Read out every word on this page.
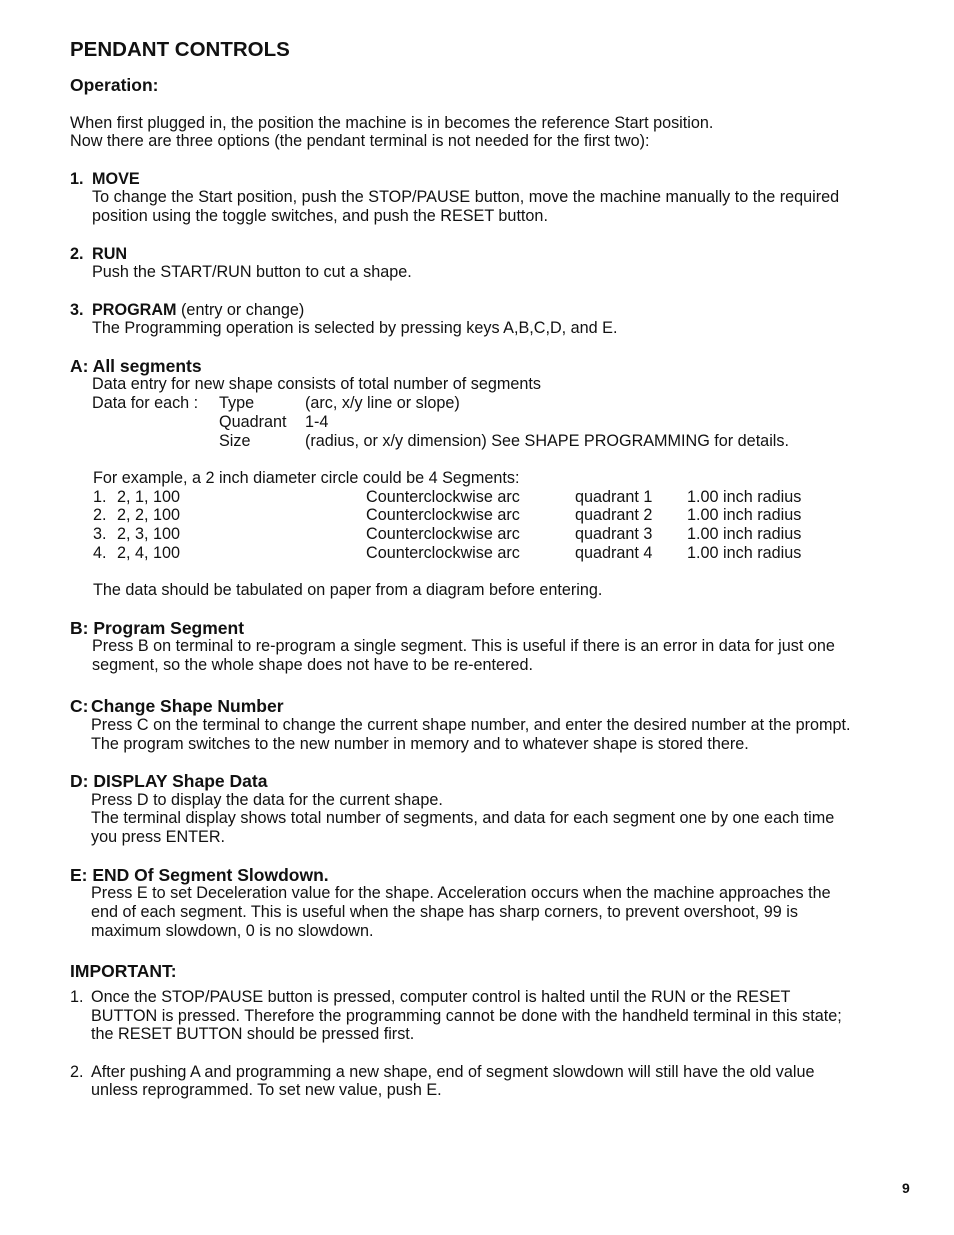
PENDANT CONTROLS
Operation:
When first plugged in, the position the machine is in becomes the reference Start position.
Now there are three options (the pendant terminal is not needed for the first two):
1. MOVE
To change the Start position, push the STOP/PAUSE button, move the machine manually to the required
position using the toggle switches, and push the RESET button.
2. RUN
Push the START/RUN button to cut a shape.
3. PROGRAM (entry or change)
The Programming operation is selected by pressing keys A,B,C,D, and E.
A: All segments
Data entry for new shape consists of total number of segments
Data for each : Type	(arc, x/y line or slope)
Quadrant 1-4
Size	(radius, or x/y dimension) See SHAPE PROGRAMMING for details.
For example, a 2 inch diameter circle could be 4 Segments:
1. 2, 1, 100	Counterclockwise arc	quadrant 1 1.00 inch radius
2. 2, 2, 100	Counterclockwise arc	quadrant 2 1.00 inch radius
3. 2, 3, 100	Counterclockwise arc	quadrant 3 1.00 inch radius
4. 2, 4, 100	Counterclockwise arc	quadrant 4 1.00 inch radius
The data should be tabulated on paper from a diagram before entering.
B: Program Segment
Press B on terminal to re-program a single segment. This is useful if there is an error in data for just one
segment, so the whole shape does not have to be re-entered.
C: Change Shape Number
Press C on the terminal to change the current shape number, and enter the desired number at the prompt.
The program switches to the new number in memory and to whatever shape is stored there.
D: DISPLAY Shape Data
Press D to display the data for the current shape.
The terminal display shows total number of segments, and data for each segment one by one each time
you press ENTER.
E: END Of Segment Slowdown.
Press E to set Deceleration value for the shape. Acceleration occurs when the machine approaches the
end of each segment. This is useful when the shape has sharp corners, to prevent overshoot, 99 is
maximum slowdown, 0 is no slowdown.
IMPORTANT:
1. Once the STOP/PAUSE button is pressed, computer control is halted until the RUN or the RESET
BUTTON is pressed. Therefore the programming cannot be done with the handheld terminal in this state;
the RESET BUTTON should be pressed first.
2. After pushing A and programming a new shape, end of segment slowdown will still have the old value
unless reprogrammed. To set new value, push E.
9
